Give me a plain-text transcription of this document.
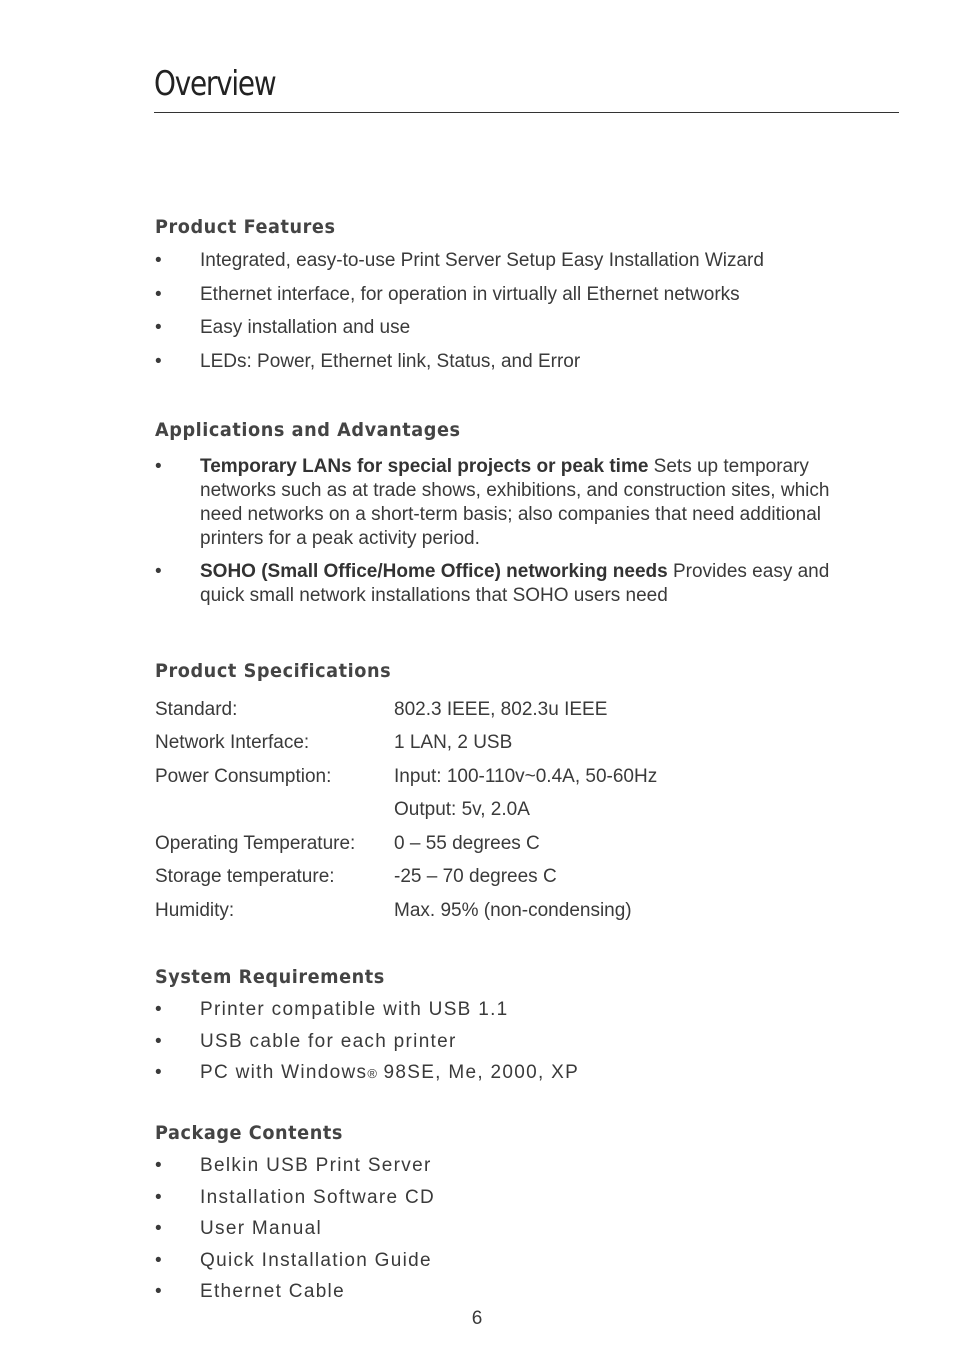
Overview
Product Features
• Integrated, easy-to-use Print Server Setup Easy Installation Wizard
• Ethernet interface, for operation in virtually all Ethernet networks
• Easy installation and use
• LEDs: Power, Ethernet link, Status, and Error
Applications and Advantages
• Temporary LANs for special projects or peak time Sets up temporary networks such as at trade shows, exhibitions, and construction sites, which need networks on a short-term basis; also companies that need additional printers for a peak activity period.
• SOHO (Small Office/Home Office) networking needs Provides easy and quick small network installations that SOHO users need
Product Specifications
Standard:	802.3 IEEE, 802.3u IEEE
Network Interface:	1 LAN, 2 USB
Power Consumption:	Input: 100-110v~0.4A, 50-60Hz
	Output: 5v, 2.0A
Operating Temperature:	0 – 55 degrees C
Storage temperature:	-25 – 70 degrees C
Humidity:	Max. 95% (non-condensing)
System Requirements
• Printer compatible with USB 1.1
• USB cable for each printer
• PC with Windows® 98SE, Me, 2000, XP
Package Contents
• Belkin USB Print Server
• Installation Software CD
• User Manual
• Quick Installation Guide
• Ethernet Cable
6
